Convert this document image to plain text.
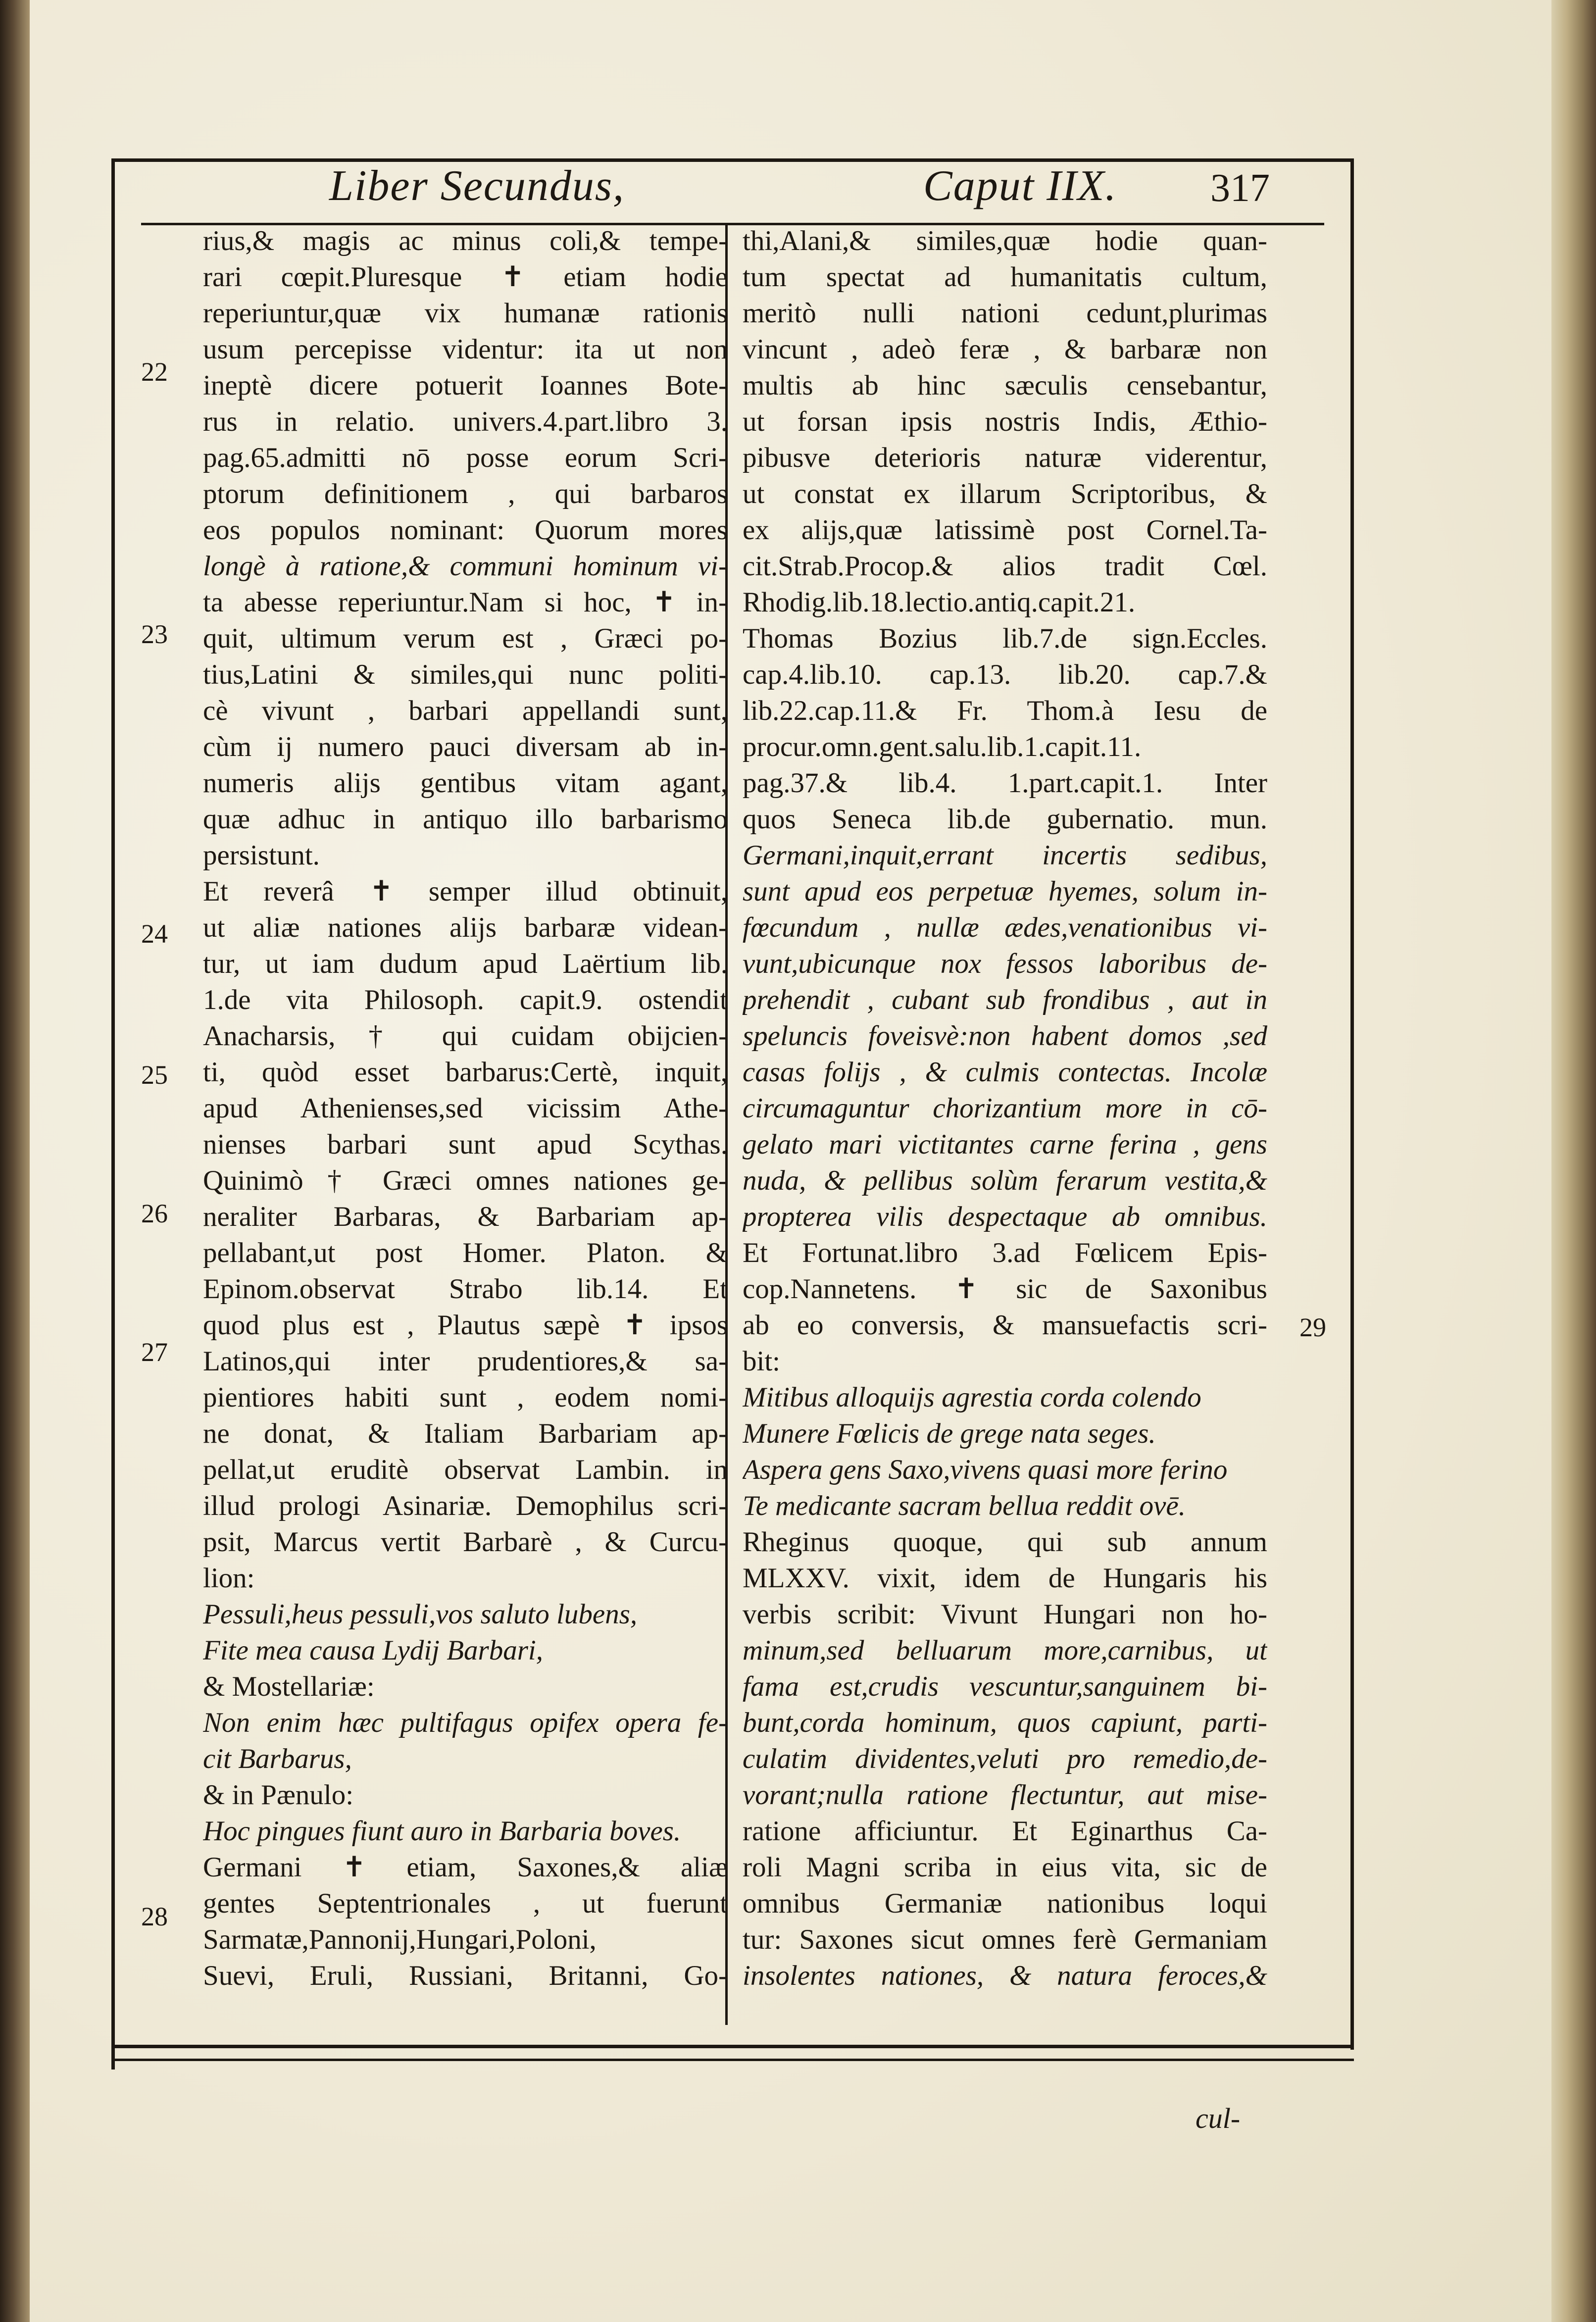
Liber Secundus,	Caput IIX. 317
rius,& magis ac minus coli,& tempe-
rari cœpit.Pluresque ✝ etiam hodie
reperiuntur,quæ vix humanæ rationis
usum percepisse videntur: ita ut non
ineptè dicere potuerit Ioannes Bote-
rus in relatio. univers.4.part.libro 3.
pag.65.admitti nō posse eorum Scri-
ptorum definitionem , qui barbaros
eos populos nominant: Quorum mores
longè à ratione,& communi hominum vi-
ta abesse reperiuntur.Nam si hoc, ✝ in-
quit, ultimum verum est , Græci po-
tius,Latini & similes,qui nunc politi-
cè vivunt , barbari appellandi sunt,
cùm ij numero pauci diversam ab in-
numeris alijs gentibus vitam agant,
quæ adhuc in antiquo illo barbarismo
persistunt.
Et reverâ ✝ semper illud obtinuit,
ut aliæ nationes alijs barbaræ videan-
tur, ut iam dudum apud Laërtium lib.
1.de vita Philosoph. capit.9. ostendit
Anacharsis, † qui cuidam obijcien-
ti, quòd esset barbarus:Certè, inquit,
apud Athenienses,sed vicissim Athe-
nienses barbari sunt apud Scythas.
Quinimò † Græci omnes nationes ge-
neraliter Barbaras, & Barbariam ap-
pellabant,ut post Homer. Platon. &
Epinom.observat Strabo lib.14. Et
quod plus est , Plautus sæpè ✝ ipsos
Latinos,qui inter prudentiores,& sa-
pientiores habiti sunt , eodem nomi-
ne donat, & Italiam Barbariam ap-
pellat,ut eruditè observat Lambin. in
illud prologi Asinariæ. Demophilus scri-
psit, Marcus vertit Barbarè , & Curcu-
lion:
Pessuli,heus pessuli,vos saluto lubens,
Fite mea causa Lydij Barbari,
& Mostellariæ:
Non enim hæc pultifagus opifex opera fe-
cit Barbarus,
& in Pænulo:
Hoc pingues fiunt auro in Barbaria boves.
Germani ✝ etiam, Saxones,& aliæ
gentes Septentrionales , ut fuerunt
Sarmatæ,Pannonij,Hungari,Poloni,
Suevi, Eruli, Russiani, Britanni, Go-
thi,Alani,& similes,quæ hodie quan-
tum spectat ad humanitatis cultum,
meritò nulli nationi cedunt,plurimas
vincunt , adeò feræ , & barbaræ non
multis ab hinc sæculis censebantur,
ut forsan ipsis nostris Indis, Æthio-
pibusve deterioris naturæ viderentur,
ut constat ex illarum Scriptoribus, &
ex alijs,quæ latissimè post Cornel.Ta-
cit.Strab.Procop.& alios tradit Cœl.
Rhodig.lib.18.lectio.antiq.capit.21.
Thomas Bozius lib.7.de sign.Eccles.
cap.4.lib.10. cap.13. lib.20. cap.7.&
lib.22.cap.11.& Fr. Thom.à Iesu de
procur.omn.gent.salu.lib.1.capit.11.
pag.37.& lib.4. 1.part.capit.1. Inter
quos Seneca lib.de gubernatio. mun.
Germani,inquit,errant incertis sedibus,
sunt apud eos perpetuæ hyemes, solum in-
fœcundum , nullæ ædes,venationibus vi-
vunt,ubicunque nox fessos laboribus de-
prehendit , cubant sub frondibus , aut in
speluncis foveisvè:non habent domos ,sed
casas folijs , & culmis contectas. Incolæ
circumaguntur chorizantium more in cō-
gelato mari victitantes carne ferina , gens
nuda, & pellibus solùm ferarum vestita,&
propterea vilis despectaque ab omnibus.
Et Fortunat.libro 3.ad Fœlicem Epis-
cop.Nannetens. ✝ sic de Saxonibus
ab eo conversis, & mansuefactis scri-
bit:
Mitibus alloquijs agrestia corda colendo
Munere Fœlicis de grege nata seges.
Aspera gens Saxo,vivens quasi more ferino
Te medicante sacram bellua reddit ovē.
Rheginus quoque, qui sub annum
MLXXV. vixit, idem de Hungaris his
verbis scribit: Vivunt Hungari non ho-
minum,sed belluarum more,carnibus, ut
fama est,crudis vescuntur,sanguinem bi-
bunt,corda hominum, quos capiunt, parti-
culatim dividentes,veluti pro remedio,de-
vorant;nulla ratione flectuntur, aut mise-
ratione afficiuntur. Et Eginarthus Ca-
roli Magni scriba in eius vita, sic de
omnibus Germaniæ nationibus loqui
tur: Saxones sicut omnes ferè Germaniam
insolentes nationes, & natura feroces,&
22
23
24
25
26
27
28
29
cul-
